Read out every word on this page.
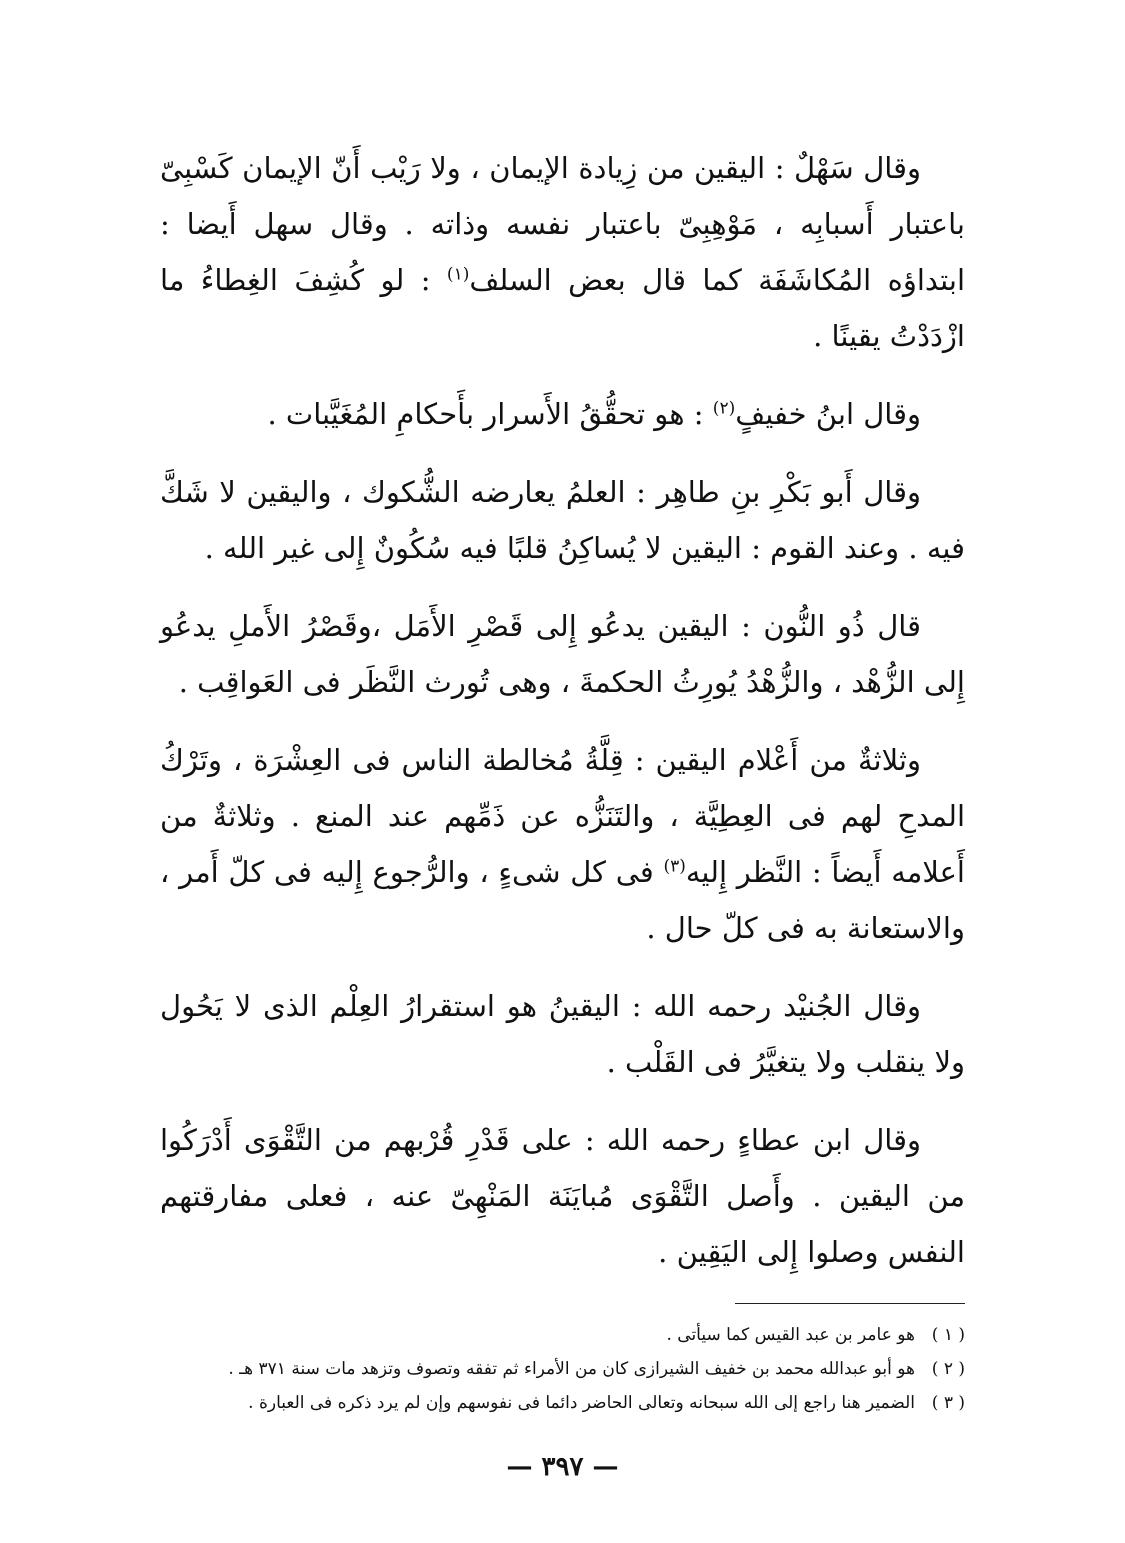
وقال سَهْلٌ : اليقين من زِيادة الإيمان ، ولا رَيْب أَنّ الإيمان كَسْبِىّ باعتبار أَسبابِه ، مَوْهِبِىّ باعتبار نفسه وذاته . وقال سهل أَيضا : ابتداؤه المُكاشَفَة كما قال بعض السلف$^{(١)}$ : لو كُشِفَ الغِطاءُ ما ازْدَدْتُ يقينًا .

وقال ابنُ خفيفٍ$^{(٢)}$ : هو تحقُّقُ الأَسرار بأَحكامِ المُغَيَّبات .

وقال أَبو بَكْرِ بنِ طاهِر : العلمُ يعارضه الشُّكوك ، واليقين لا شَكَّ فيه . وعند القوم : اليقين لا يُساكِنُ قلبًا فيه سُكُونٌ إِلى غير الله .

قال ذُو النُّون : اليقين يدعُو إِلى قَصْرِ الأَمَل ،وقَصْرُ الأَملِ يدعُو إِلى الزُّهْد ، والزُّهْدُ يُورِثُ الحكمةَ ، وهى تُورث النَّظَر فى العَواقِب .

وثلاثةٌ من أَعْلام اليقين : قِلَّةُ مُخالطة الناس فى العِشْرَة ، وتَرْكُ المدحِ لهم فى العِطِيَّة ، والتَنَزُّه عن ذَمِّهم عند المنع . وثلاثةٌ من أَعلامه أَيضاً : النَّظر إِليه$^{(٣)}$ فى كل شىءٍ ، والرُّجوع إِليه فى كلّ أَمر ، والاستعانة به فى كلّ حال .

وقال الجُنيْد رحمه الله : اليقينُ هو استقرارُ العِلْم الذى لا يَحُول ولا ينقلب ولا يتغيَّرُ فى القَلْب .

وقال ابن عطاءٍ رحمه الله : على قَدْرِ قُرْبهم من التَّقْوَى أَدْرَكُوا من اليقين . وأَصل التَّقْوَى مُبايَنَة المَنْهِىّ عنه ، فعلى مفارقتهم النفس وصلوا إِلى اليَقِين .

( ١ )
هو عامر بن عبد القيس كما سيأتى .
( ٢ )
هو أبو عبدالله محمد بن خفيف الشيرازى كان من الأمراء ثم تفقه وتصوف وتزهد مات سنة ٣٧١ هـ .
( ٣ )
الضمير هنا راجع إلى الله سبحانه وتعالى الحاضر دائما فى نفوسهم وإن لم يرد ذكره فى العبارة .
— ٣٩٧ —
